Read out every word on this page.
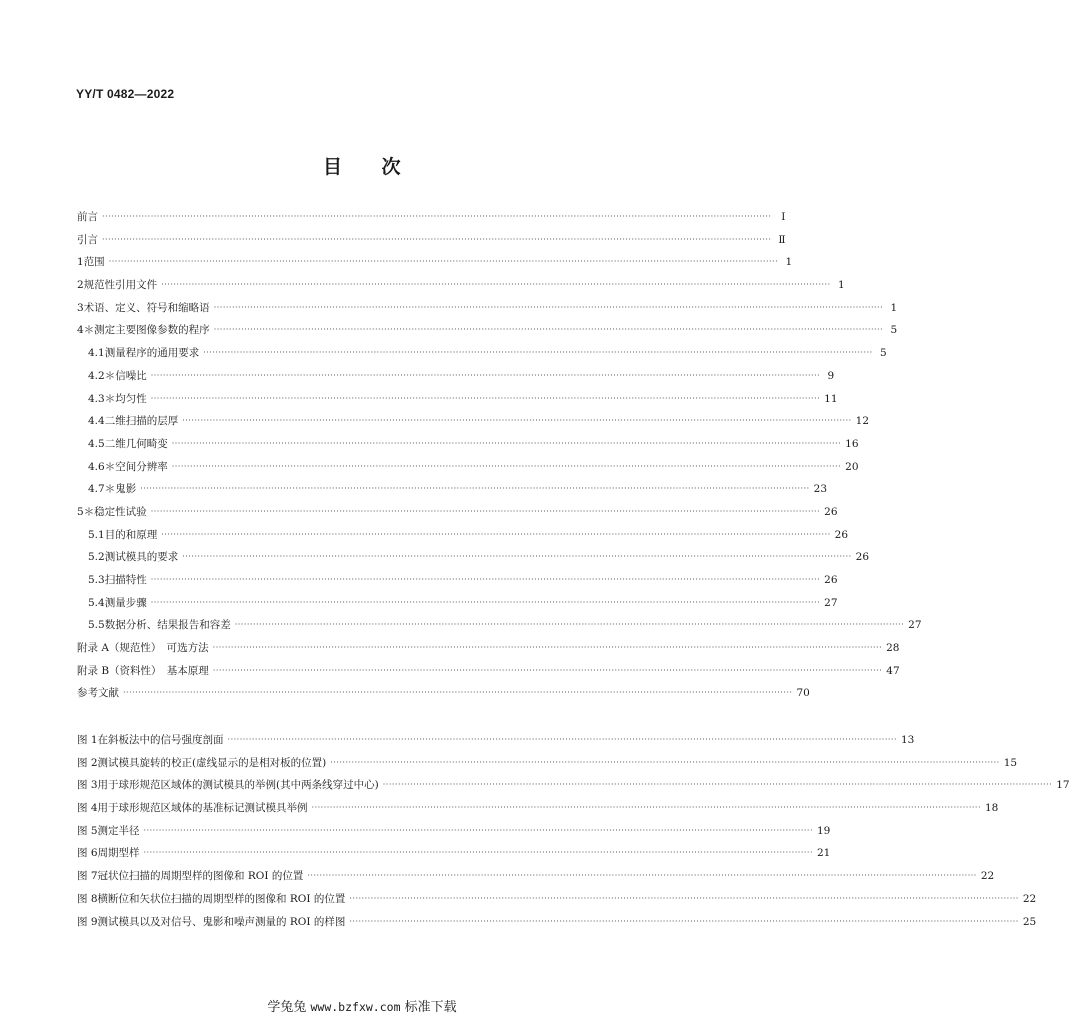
YY/T 0482—2022
目　　次
前言 ···························································································································································································································· Ⅰ
引言 ···························································································································································································································· Ⅱ
1 范围 ···························································································································································································································· 1
2 规范性引用文件 ···························································································································································································································· 1
3 术语、定义、符号和缩略语 ···························································································································································································································· 1
4 ＊测定主要图像参数的程序 ···························································································································································································································· 5
4.1 测量程序的通用要求 ···························································································································································································································· 5
4.2 ＊信噪比 ···························································································································································································································· 9
4.3 ＊均匀性 ···························································································································································································································· 11
4.4 二维扫描的层厚 ···························································································································································································································· 12
4.5 二维几何畸变 ···························································································································································································································· 16
4.6 ＊空间分辨率 ···························································································································································································································· 20
4.7 ＊鬼影 ···························································································································································································································· 23
5 ＊稳定性试验 ···························································································································································································································· 26
5.1 目的和原理 ···························································································································································································································· 26
5.2 测试模具的要求 ···························································································································································································································· 26
5.3 扫描特性 ···························································································································································································································· 26
5.4 测量步骤 ···························································································································································································································· 27
5.5 数据分析、结果报告和容差 ···························································································································································································································· 27
附录 A（规范性）　可选方法 ···························································································································································································································· 28
附录 B（资料性）　基本原理 ···························································································································································································································· 47
参考文献 ···························································································································································································································· 70
图 1 在斜板法中的信号强度剖面 ···························································································································································································································· 13
图 2 测试模具旋转的校正(虚线显示的是相对板的位置) ···························································································································································································································· 15
图 3 用于球形规范区域体的测试模具的举例(其中两条线穿过中心) ···························································································································································································································· 17
图 4 用于球形规范区域体的基准标记测试模具举例 ···························································································································································································································· 18
图 5 测定半径 ···························································································································································································································· 19
图 6 周期型样 ···························································································································································································································· 21
图 7 冠状位扫描的周期型样的图像和 ROI 的位置 ···························································································································································································································· 22
图 8 横断位和矢状位扫描的周期型样的图像和 ROI 的位置 ···························································································································································································································· 22
图 9 测试模具以及对信号、鬼影和噪声测量的 ROI 的样图 ···························································································································································································································· 25
学兔兔 www.bzfxw.com 标准下载
